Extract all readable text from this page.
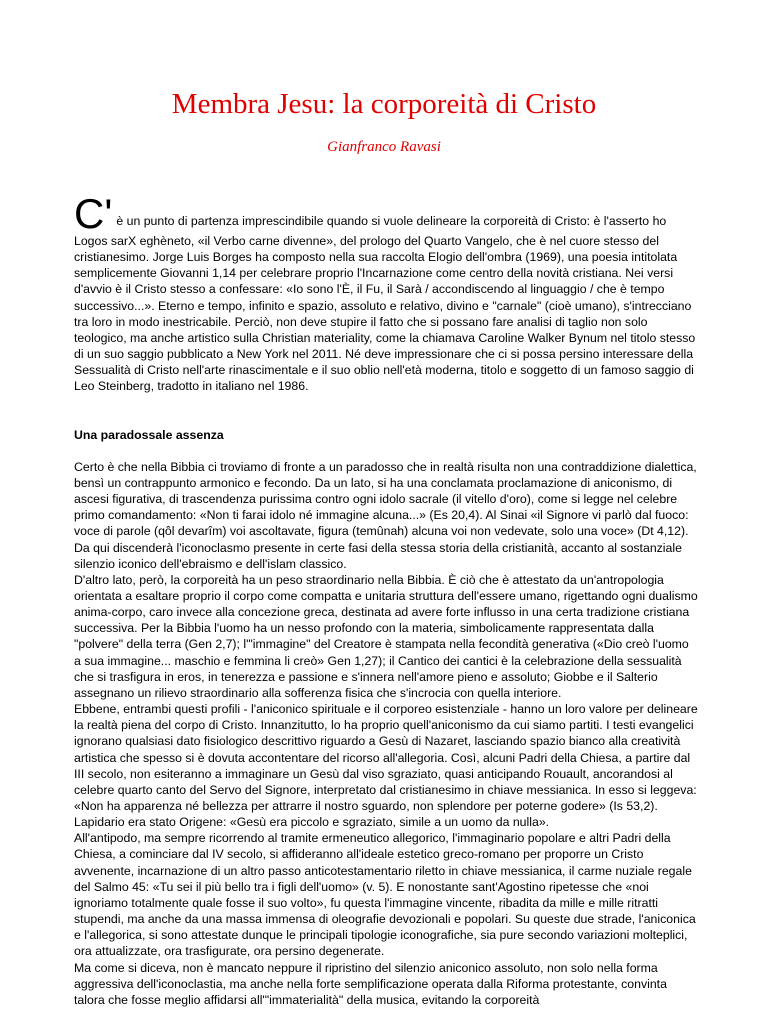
Membra Jesu: la corporeità di Cristo
Gianfranco Ravasi
C' è un punto di partenza imprescindibile quando si vuole delineare la corporeità di Cristo: è l'asserto ho

Logos sarX eghèneto, «il Verbo carne divenne», del prologo del Quarto Vangelo, che è nel cuore stesso del cristianesimo. Jorge Luis Borges ha composto nella sua raccolta Elogio dell'ombra (1969), una poesia intitolata semplicemente Giovanni 1,14 per celebrare proprio l'Incarnazione come centro della novità cristiana. Nei versi d'avvio è il Cristo stesso a confessare: «Io sono l'È, il Fu, il Sarà / accondiscendo al linguaggio / che è tempo successivo...». Eterno e tempo, infinito e spazio, assoluto e relativo, divino e "carnale" (cioè umano), s'intrecciano tra loro in modo inestricabile. Perciò, non deve stupire il fatto che si possano fare analisi di taglio non solo teologico, ma anche artistico sulla Christian materiality, come la chiamava Caroline Walker Bynum nel titolo stesso di un suo saggio pubblicato a New York nel 2011. Né deve impressionare che ci si possa persino interessare della Sessualità di Cristo nell'arte rinascimentale e il suo oblio nell'età moderna, titolo e soggetto di un famoso saggio di Leo Steinberg, tradotto in italiano nel 1986.

Una paradossale assenza

Certo è che nella Bibbia ci troviamo di fronte a un paradosso che in realtà risulta non una contraddizione dialettica, bensì un contrappunto armonico e fecondo. Da un lato, si ha una conclamata proclamazione di aniconismo, di ascesi figurativa, di trascendenza purissima contro ogni idolo sacrale (il vitello d'oro), come si legge nel celebre primo comandamento: «Non ti farai idolo né immagine alcuna...» (Es 20,4). Al Sinai «il Signore vi parlò dal fuoco: voce di parole (qôl devarîm) voi ascoltavate, figura (temûnah) alcuna voi non vedevate, solo una voce» (Dt 4,12). Da qui discenderà l'iconoclasmo presente in certe fasi della stessa storia della cristianità, accanto al sostanziale silenzio iconico dell'ebraismo e dell'islam classico.

D'altro lato, però, la corporeità ha un peso straordinario nella Bibbia. È ciò che è attestato da un'antropologia orientata a esaltare proprio il corpo come compatta e unitaria struttura dell'essere umano, rigettando ogni dualismo anima-corpo, caro invece alla concezione greca, destinata ad avere forte influsso in una certa tradizione cristiana successiva. Per la Bibbia l'uomo ha un nesso profondo con la materia, simbolicamente rappresentata dalla "polvere" della terra (Gen 2,7); l'"immagine" del Creatore è stampata nella fecondità generativa («Dio creò l'uomo a sua immagine... maschio e femmina li creò» Gen 1,27); il Cantico dei cantici è la celebrazione della sessualità che si trasfigura in eros, in tenerezza e passione e s'innera nell'amore pieno e assoluto; Giobbe e il Salterio assegnano un rilievo straordinario alla sofferenza fisica che s'incrocia con quella interiore.

Ebbene, entrambi questi profili - l'aniconico spirituale e il corporeo esistenziale - hanno un loro valore per delineare la realtà piena del corpo di Cristo. Innanzitutto, lo ha proprio quell'aniconismo da cui siamo partiti. I testi evangelici ignorano qualsiasi dato fisiologico descrittivo riguardo a Gesù di Nazaret, lasciando spazio bianco alla creatività artistica che spesso si è dovuta accontentare del ricorso all'allegoria. Così, alcuni Padri della Chiesa, a partire dal III secolo, non esiteranno a immaginare un Gesù dal viso sgraziato, quasi anticipando Rouault, ancorandosi al celebre quarto canto del Servo del Signore, interpretato dal cristianesimo in chiave messianica. In esso si leggeva: «Non ha apparenza né bellezza per attrarre il nostro sguardo, non splendore per poterne godere» (Is 53,2). Lapidario era stato Origene: «Gesù era piccolo e sgraziato, simile a un uomo da nulla».

All'antipodo, ma sempre ricorrendo al tramite ermeneutico allegorico, l'immaginario popolare e altri Padri della Chiesa, a cominciare dal IV secolo, si affideranno all'ideale estetico greco-romano per proporre un Cristo avvenente, incarnazione di un altro passo anticotestamentario riletto in chiave messianica, il carme nuziale regale del Salmo 45: «Tu sei il più bello tra i figli dell'uomo» (v. 5). E nonostante sant'Agostino ripetesse che «noi ignoriamo totalmente quale fosse il suo volto», fu questa l'immagine vincente, ribadita da mille e mille ritratti stupendi, ma anche da una massa immensa di oleografie devozionali e popolari. Su queste due strade, l'aniconica e l'allegorica, si sono attestate dunque le principali tipologie iconografiche, sia pure secondo variazioni molteplici, ora attualizzate, ora trasfigurate, ora persino degenerate.

Ma come si diceva, non è mancato neppure il ripristino del silenzio aniconico assoluto, non solo nella forma aggressiva dell'iconoclastia, ma anche nella forte semplificazione operata dalla Riforma protestante, convinta talora che fosse meglio affidarsi all'"immaterialità" della musica, evitando la corporeità
